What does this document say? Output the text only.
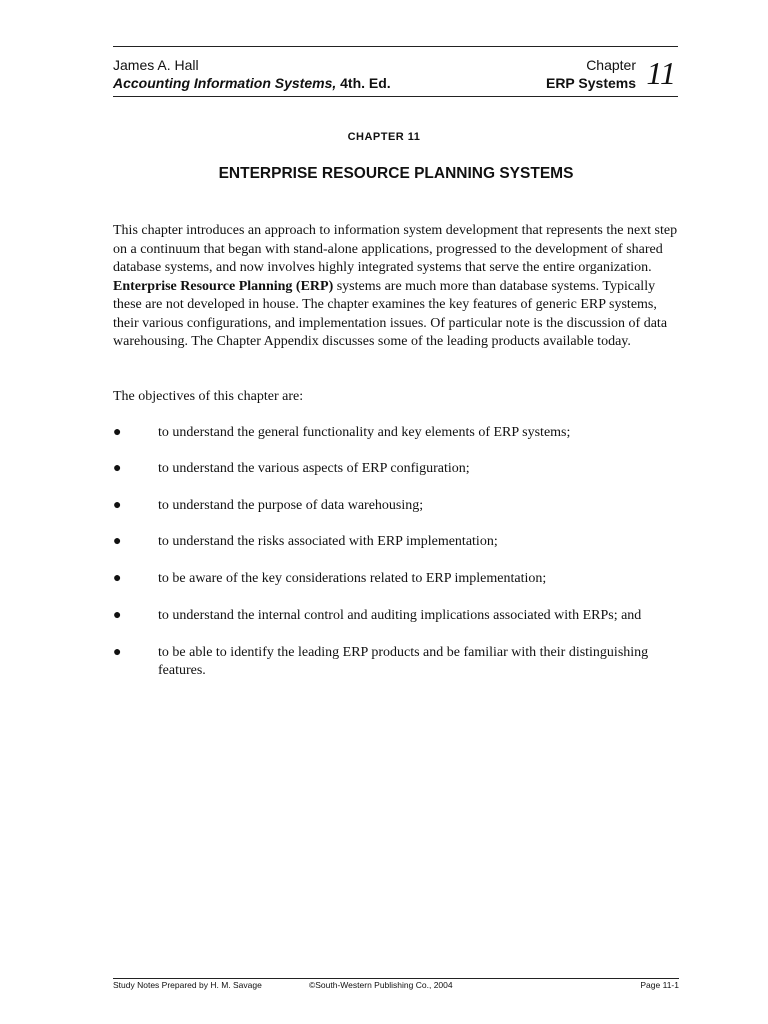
James A. Hall
Accounting Information Systems, 4th. Ed.
Chapter
ERP Systems 11
CHAPTER 11
ENTERPRISE RESOURCE PLANNING SYSTEMS
This chapter introduces an approach to information system development that represents the next step on a continuum that began with stand-alone applications, progressed to the development of shared database systems, and now involves highly integrated systems that serve the entire organization. Enterprise Resource Planning (ERP) systems are much more than database systems. Typically these are not developed in house. The chapter examines the key features of generic ERP systems, their various configurations, and implementation issues. Of particular note is the discussion of data warehousing. The Chapter Appendix discusses some of the leading products available today.
The objectives of this chapter are:
●	to understand the general functionality and key elements of ERP systems;
●	to understand the various aspects of ERP configuration;
●	to understand the purpose of data warehousing;
●	to understand the risks associated with ERP implementation;
●	to be aware of the key considerations related to ERP implementation;
●	to understand the internal control and auditing implications associated with ERPs; and
●	to be able to identify the leading ERP products and be familiar with their distinguishing features.
Study Notes Prepared by H. M. Savage	©South-Western Publishing Co., 2004	Page 11-1
